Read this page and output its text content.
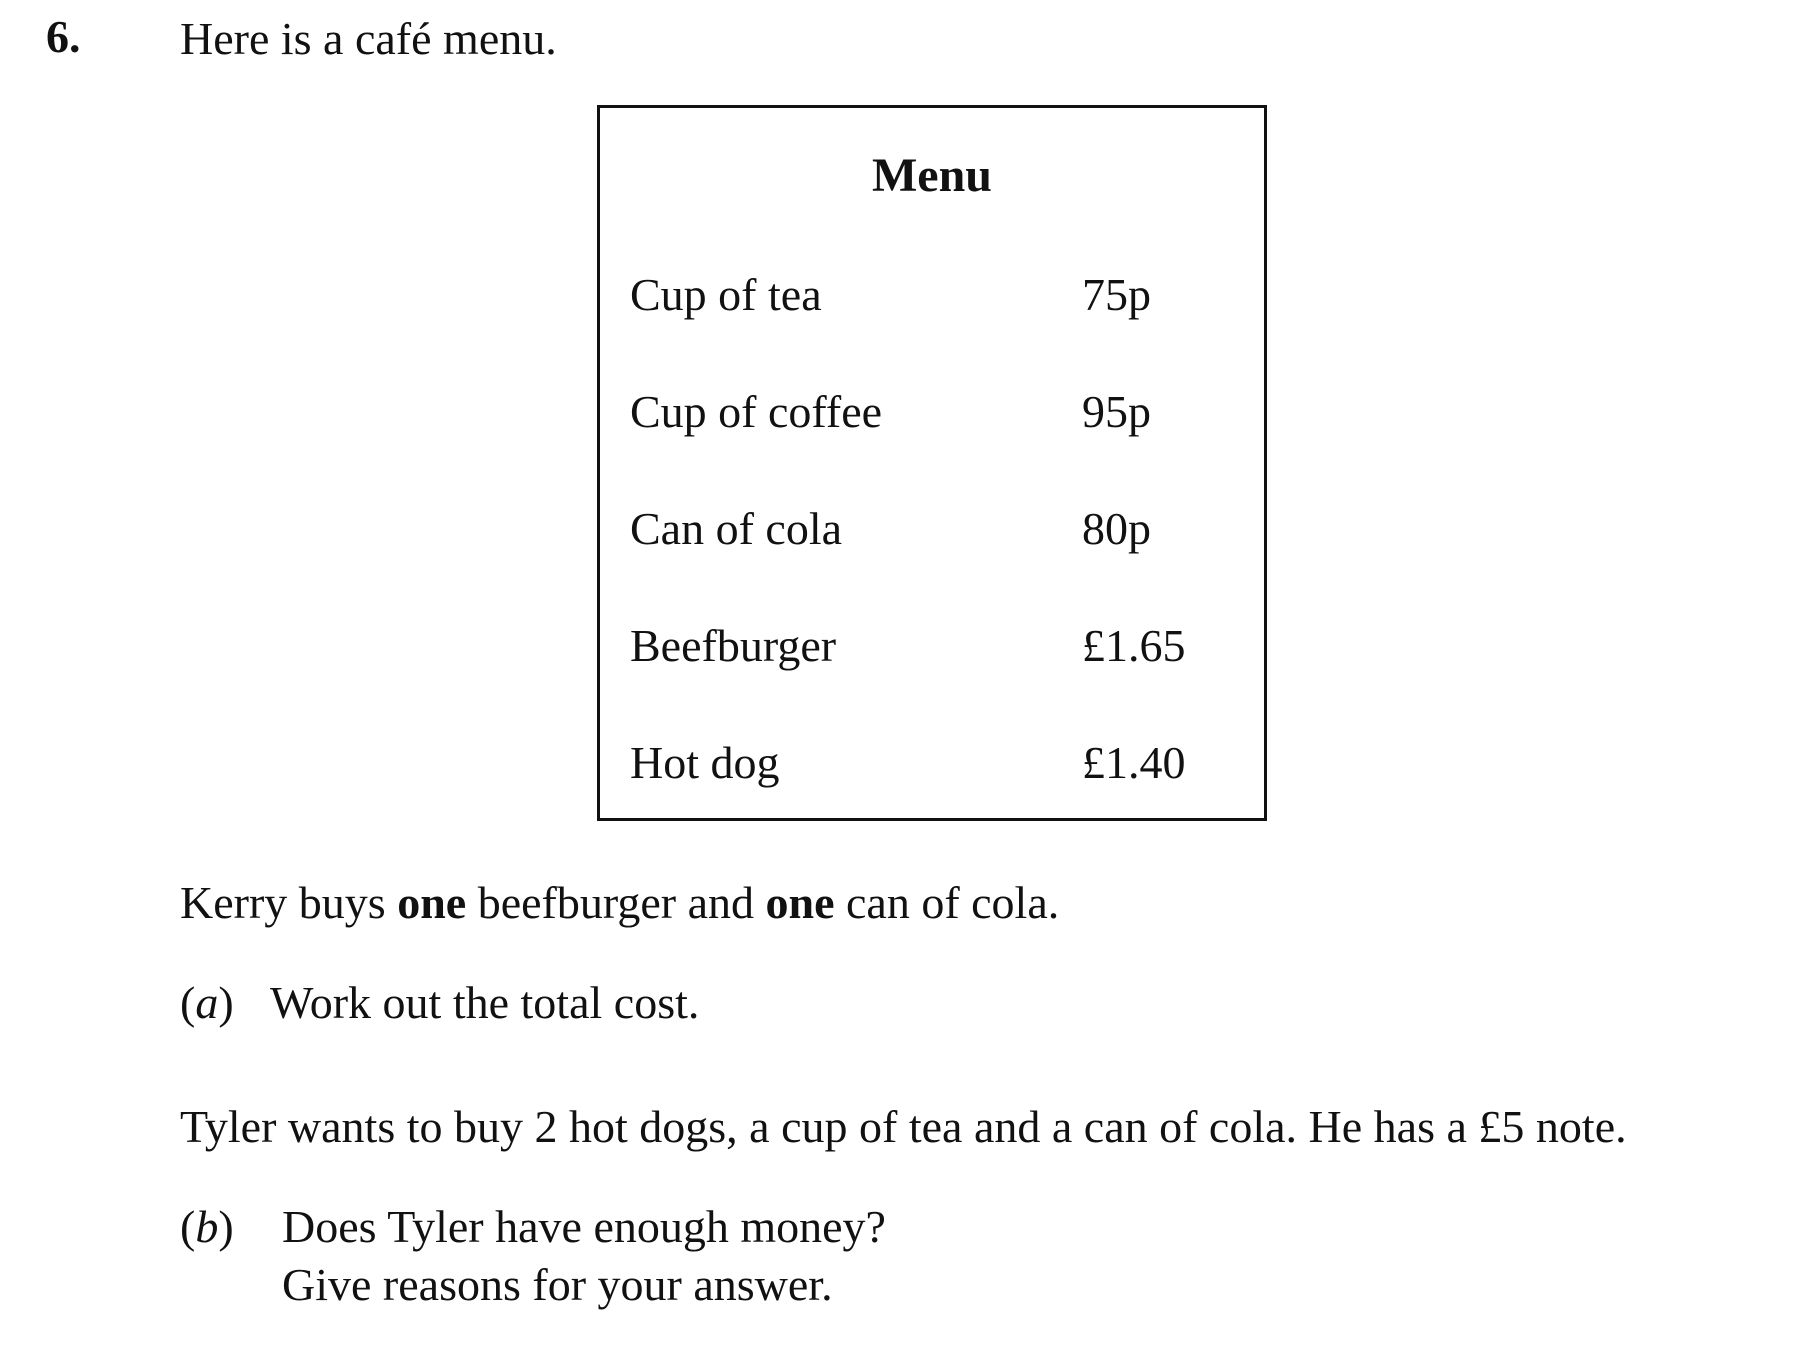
6. Here is a café menu.
Menu
Cup of tea	75p
Cup of coffee	95p
Can of cola	80p
Beefburger	£1.65
Hot dog	£1.40
Kerry buys one beefburger and one can of cola.
(a) Work out the total cost.
Tyler wants to buy 2 hot dogs, a cup of tea and a can of cola. He has a £5 note.
(b) Does Tyler have enough money?
Give reasons for your answer.
